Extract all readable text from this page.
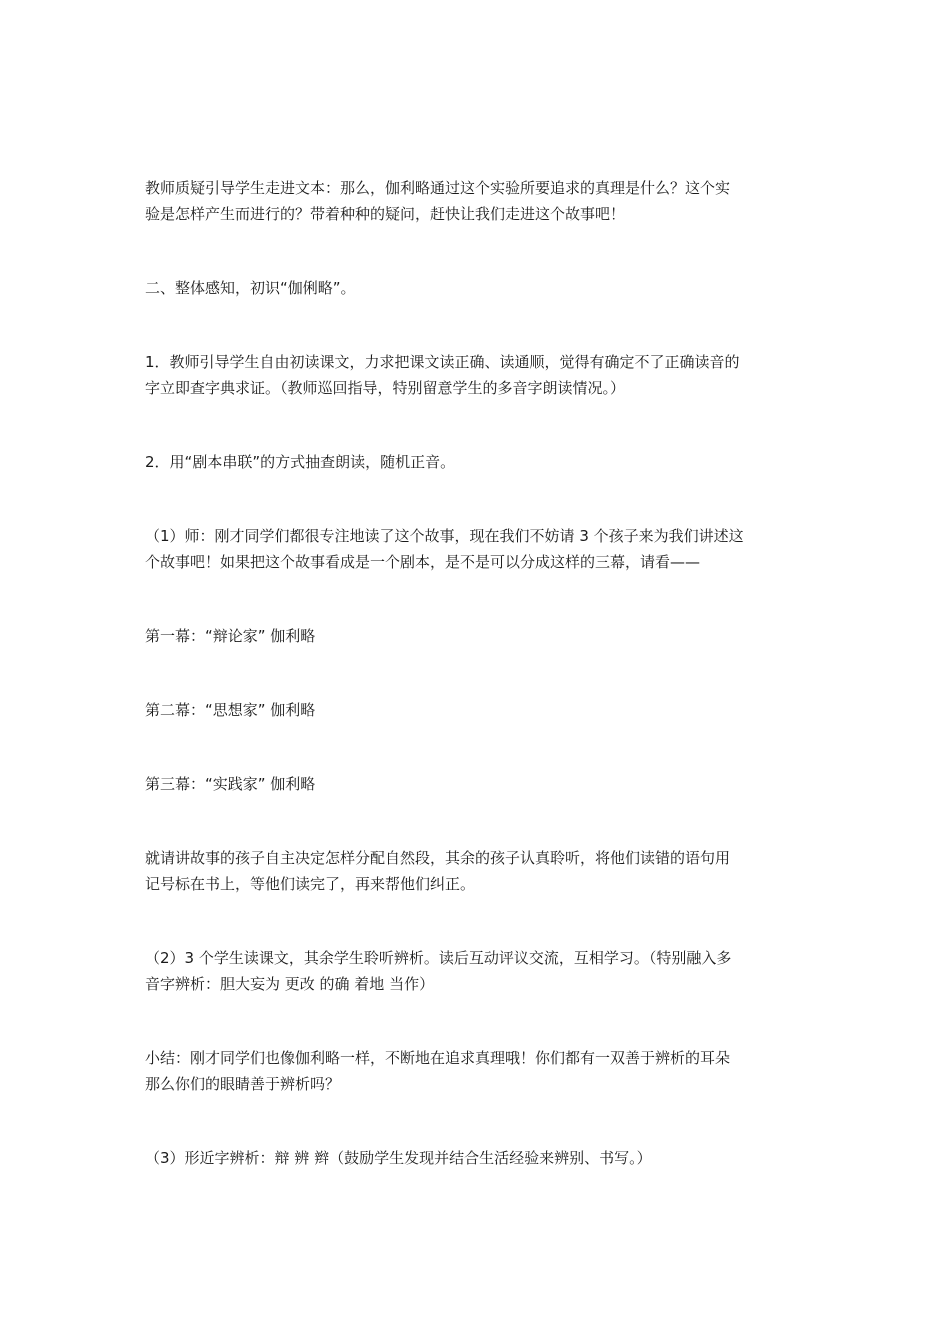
教师质疑引导学生走进文本：那么，伽利略通过这个实验所要追求的真理是什么？这个实
验是怎样产生而进行的？带着种种的疑问，赶快让我们走进这个故事吧！

二、整体感知，初识“伽俐略”。

1．教师引导学生自由初读课文，力求把课文读正确、读通顺，觉得有确定不了正确读音的
字立即查字典求证。（教师巡回指导，特别留意学生的多音字朗读情况。）

2．用“剧本串联”的方式抽查朗读，随机正音。

（1）师：刚才同学们都很专注地读了这个故事，现在我们不妨请 3 个孩子来为我们讲述这
个故事吧！如果把这个故事看成是一个剧本，是不是可以分成这样的三幕，请看——

第一幕：“辩论家” 伽利略

第二幕：“思想家” 伽利略

第三幕：“实践家” 伽利略

就请讲故事的孩子自主决定怎样分配自然段，其余的孩子认真聆听，将他们读错的语句用
记号标在书上，等他们读完了，再来帮他们纠正。

（2）3 个学生读课文，其余学生聆听辨析。读后互动评议交流，互相学习。（特别融入多
音字辨析：胆大妄为 更改 的确 着地 当作）

小结：刚才同学们也像伽利略一样，不断地在追求真理哦！你们都有一双善于辨析的耳朵
那么你们的眼睛善于辨析吗？

（3）形近字辨析：辩 辨 辫（鼓励学生发现并结合生活经验来辨别、书写。）
